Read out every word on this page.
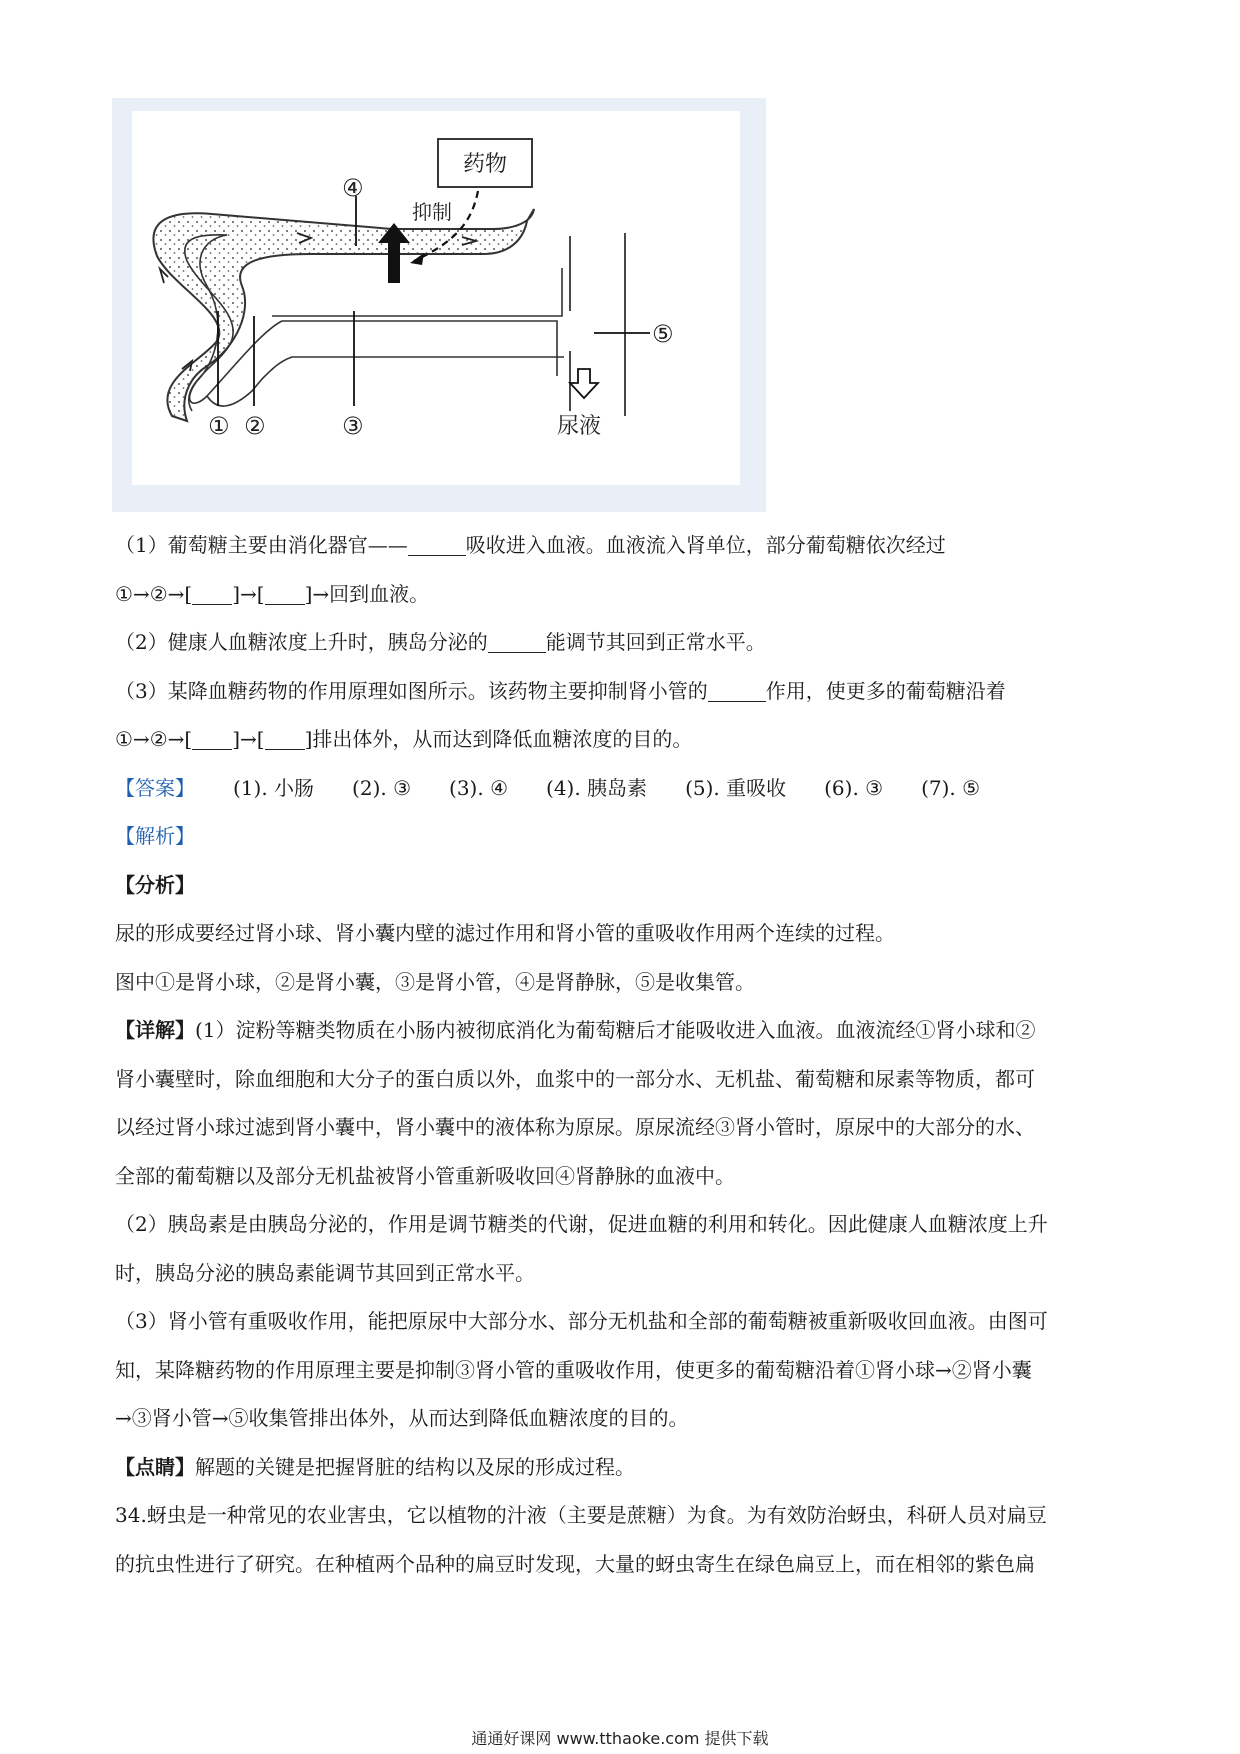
药物
抑制
① ②	③
④
⑤
尿液
（1）葡萄糖主要由消化器官——	吸收进入血液。血液流入肾单位，部分葡萄糖依次经过
①→②→[ ]→[ ]→回到血液。
（2）健康人血糖浓度上升时，胰岛分泌的	能调节其回到正常水平。
（3）某降血糖药物的作用原理如图所示。该药物主要抑制肾小管的	作用，使更多的葡萄糖沿着
①→②→[ ]→[ ]排出体外，从而达到降低血糖浓度的目的。
【答案】 (1). 小肠 (2). ③ (3). ④ (4). 胰岛素 (5). 重吸收 (6). ③ (7). ⑤
【解析】
【分析】
尿的形成要经过肾小球、肾小囊内壁的滤过作用和肾小管的重吸收作用两个连续的过程。
图中①是肾小球，②是肾小囊，③是肾小管，④是肾静脉，⑤是收集管。
【详解】(1）淀粉等糖类物质在小肠内被彻底消化为葡萄糖后才能吸收进入血液。血液流经①肾小球和②
肾小囊壁时，除血细胞和大分子的蛋白质以外，血浆中的一部分水、无机盐、葡萄糖和尿素等物质，都可
以经过肾小球过滤到肾小囊中，肾小囊中的液体称为原尿。原尿流经③肾小管时，原尿中的大部分的水、
全部的葡萄糖以及部分无机盐被肾小管重新吸收回④肾静脉的血液中。
（2）胰岛素是由胰岛分泌的，作用是调节糖类的代谢，促进血糖的利用和转化。因此健康人血糖浓度上升
时，胰岛分泌的胰岛素能调节其回到正常水平。
（3）肾小管有重吸收作用，能把原尿中大部分水、部分无机盐和全部的葡萄糖被重新吸收回血液。由图可
知，某降糖药物的作用原理主要是抑制③肾小管的重吸收作用，使更多的葡萄糖沿着①肾小球→②肾小囊
→③肾小管→⑤收集管排出体外，从而达到降低血糖浓度的目的。
【点睛】解题的关键是把握肾脏的结构以及尿的形成过程。
34.蚜虫是一种常见的农业害虫，它以植物的汁液（主要是蔗糖）为食。为有效防治蚜虫，科研人员对扁豆
的抗虫性进行了研究。在种植两个品种的扁豆时发现，大量的蚜虫寄生在绿色扁豆上，而在相邻的紫色扁
通通好课网 www.tthaoke.com 提供下载
